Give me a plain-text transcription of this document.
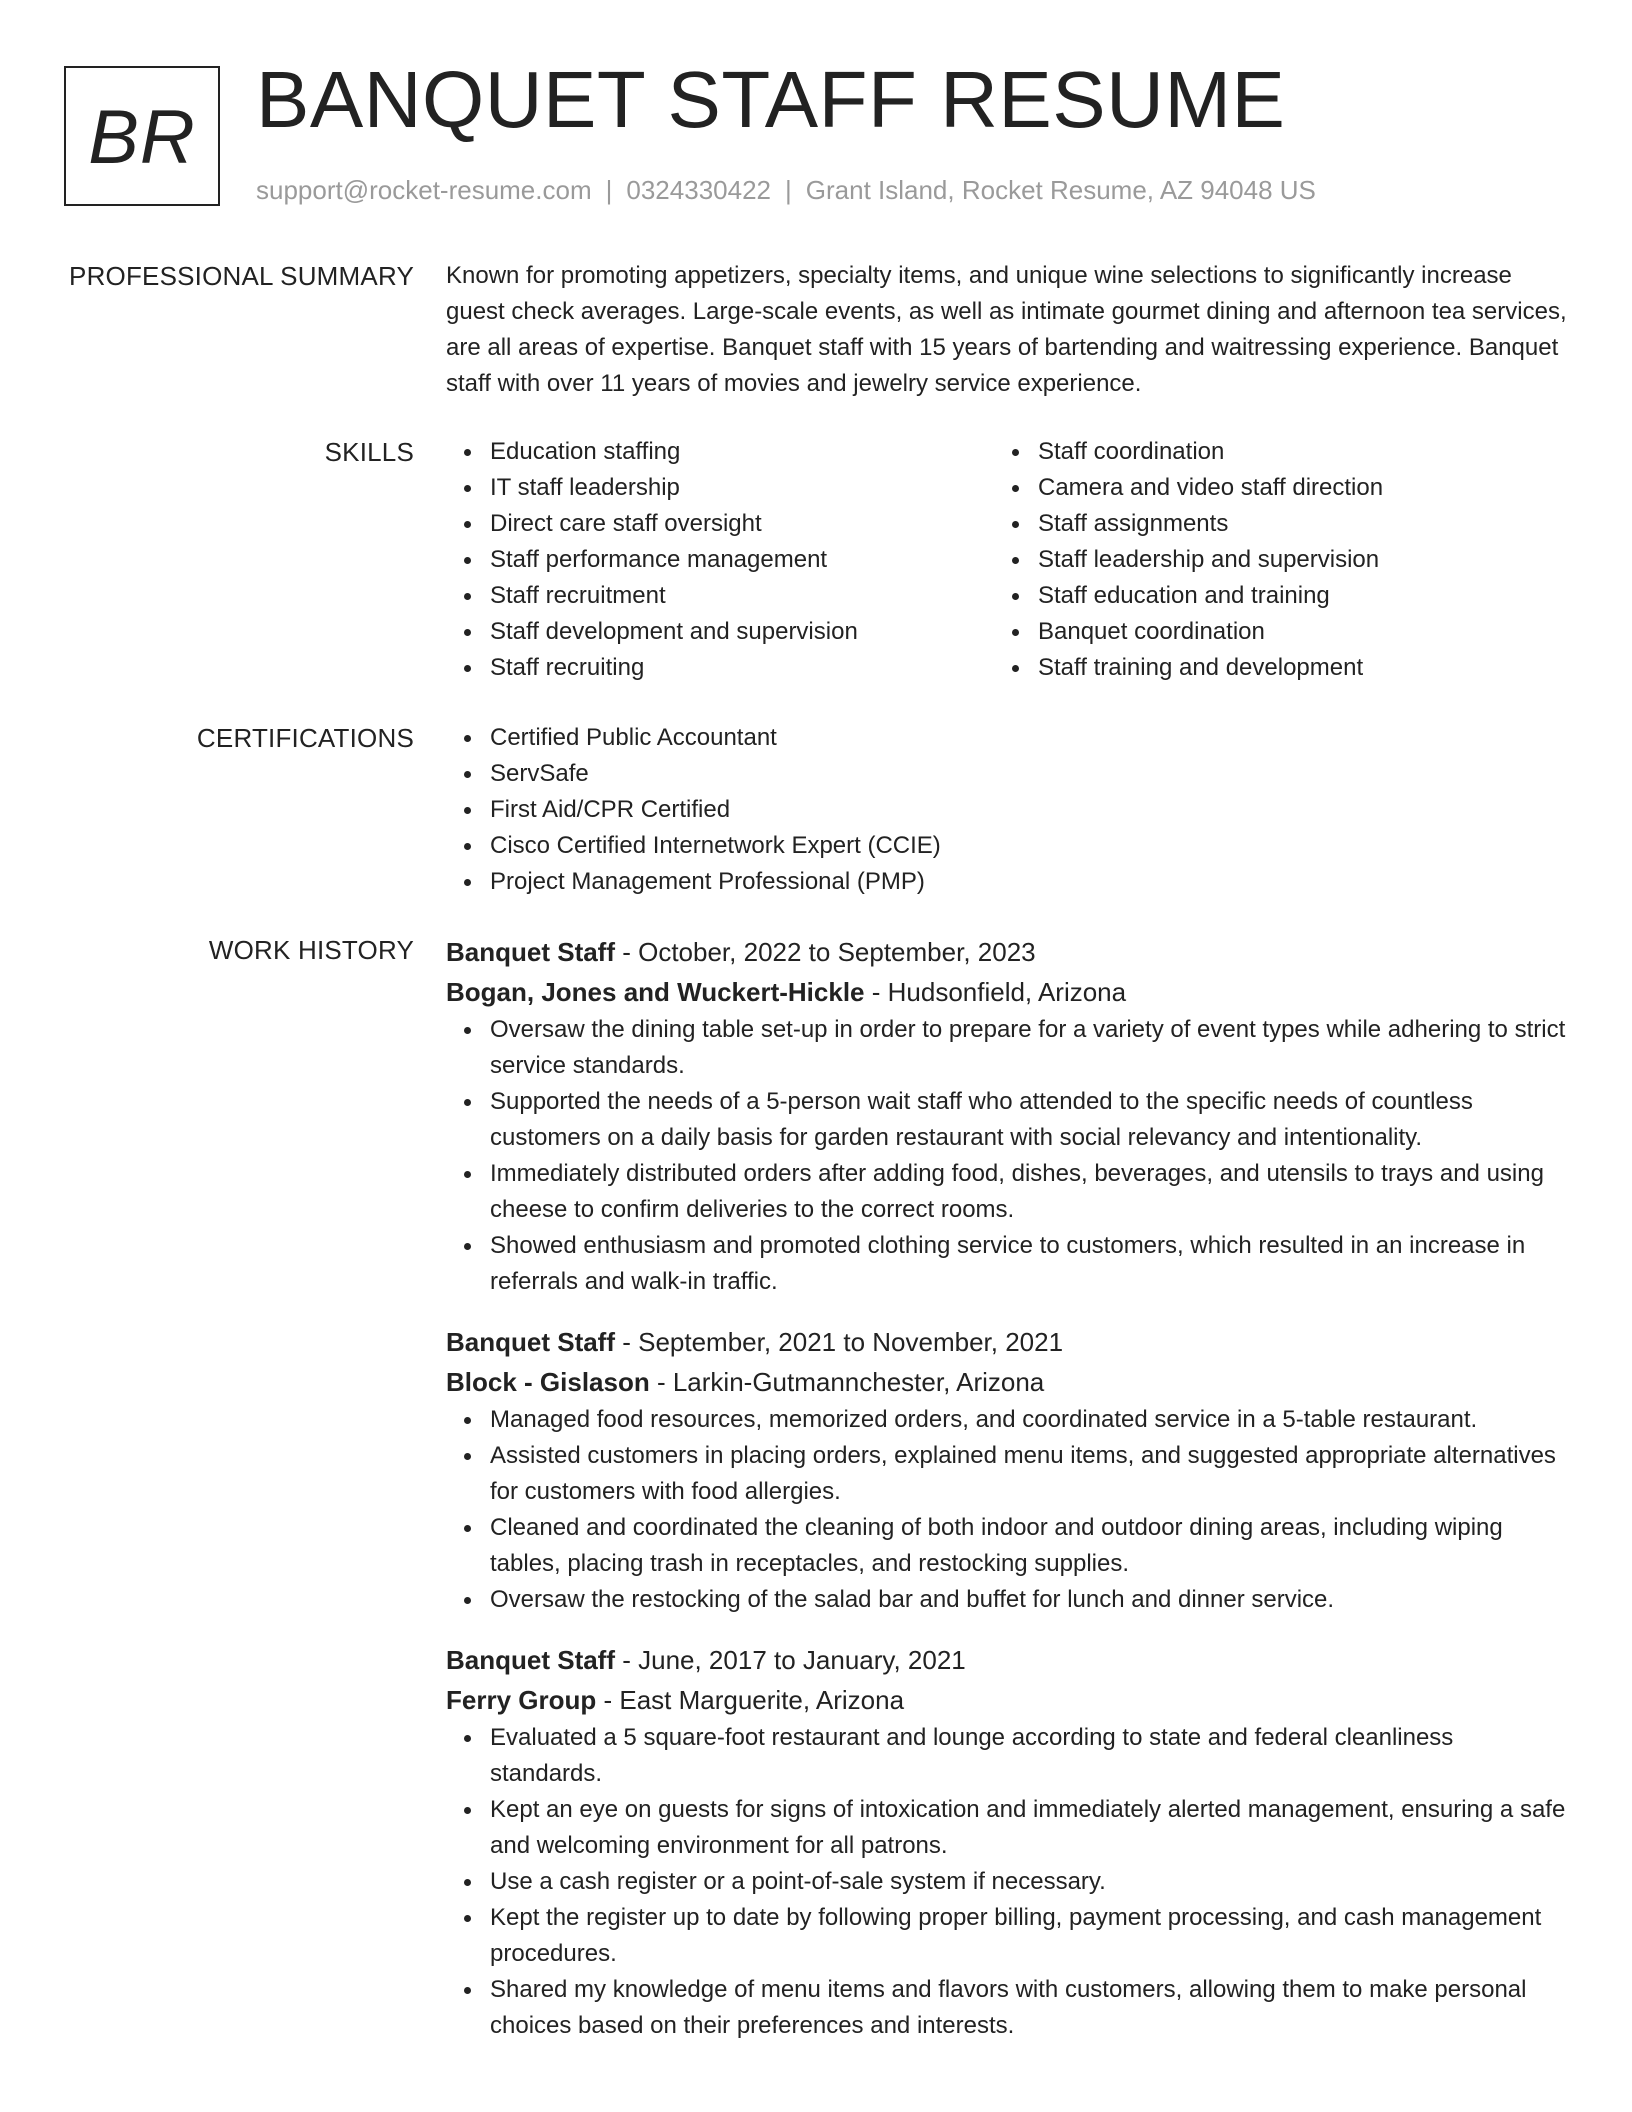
BR BANQUET STAFF RESUME
support@rocket-resume.com | 0324330422 | Grant Island, Rocket Resume, AZ 94048 US
PROFESSIONAL SUMMARY Known for promoting appetizers, specialty items, and unique wine selections to significantly increase guest check averages. Large-scale events, as well as intimate gourmet dining and afternoon tea services, are all areas of expertise. Banquet staff with 15 years of bartending and waitressing experience. Banquet staff with over 11 years of movies and jewelry service experience.

SKILLS	Education staffing
IT staff leadership
Direct care staff oversight
Staff performance management
Staff recruitment
Staff development and supervision
Staff recruiting
Staff coordination
Camera and video staff direction
Staff assignments
Staff leadership and supervision
Staff education and training
Banquet coordination
Staff training and development
CERTIFICATIONS	Certified Public Accountant
ServSafe
First Aid/CPR Certified
Cisco Certified Internetwork Expert (CCIE)
Project Management Professional (PMP)
WORK HISTORY Banquet Staff - October, 2022 to September, 2023
Bogan, Jones and Wuckert-Hickle - Hudsonfield, Arizona
Oversaw the dining table set-up in order to prepare for a variety of event types while adhering to strict service standards.
Supported the needs of a 5-person wait staff who attended to the specific needs of countless customers on a daily basis for garden restaurant with social relevancy and intentionality.
Immediately distributed orders after adding food, dishes, beverages, and utensils to trays and using cheese to confirm deliveries to the correct rooms.
Showed enthusiasm and promoted clothing service to customers, which resulted in an increase in referrals and walk-in traffic.
Banquet Staff - September, 2021 to November, 2021
Block - Gislason - Larkin-Gutmannchester, Arizona
Managed food resources, memorized orders, and coordinated service in a 5-table restaurant.
Assisted customers in placing orders, explained menu items, and suggested appropriate alternatives for customers with food allergies.
Cleaned and coordinated the cleaning of both indoor and outdoor dining areas, including wiping tables, placing trash in receptacles, and restocking supplies.
Oversaw the restocking of the salad bar and buffet for lunch and dinner service.
Banquet Staff - June, 2017 to January, 2021
Ferry Group - East Marguerite, Arizona
Evaluated a 5 square-foot restaurant and lounge according to state and federal cleanliness standards.
Kept an eye on guests for signs of intoxication and immediately alerted management, ensuring a safe and welcoming environment for all patrons.
Use a cash register or a point-of-sale system if necessary.
Kept the register up to date by following proper billing, payment processing, and cash management procedures.
Shared my knowledge of menu items and flavors with customers, allowing them to make personal choices based on their preferences and interests.
